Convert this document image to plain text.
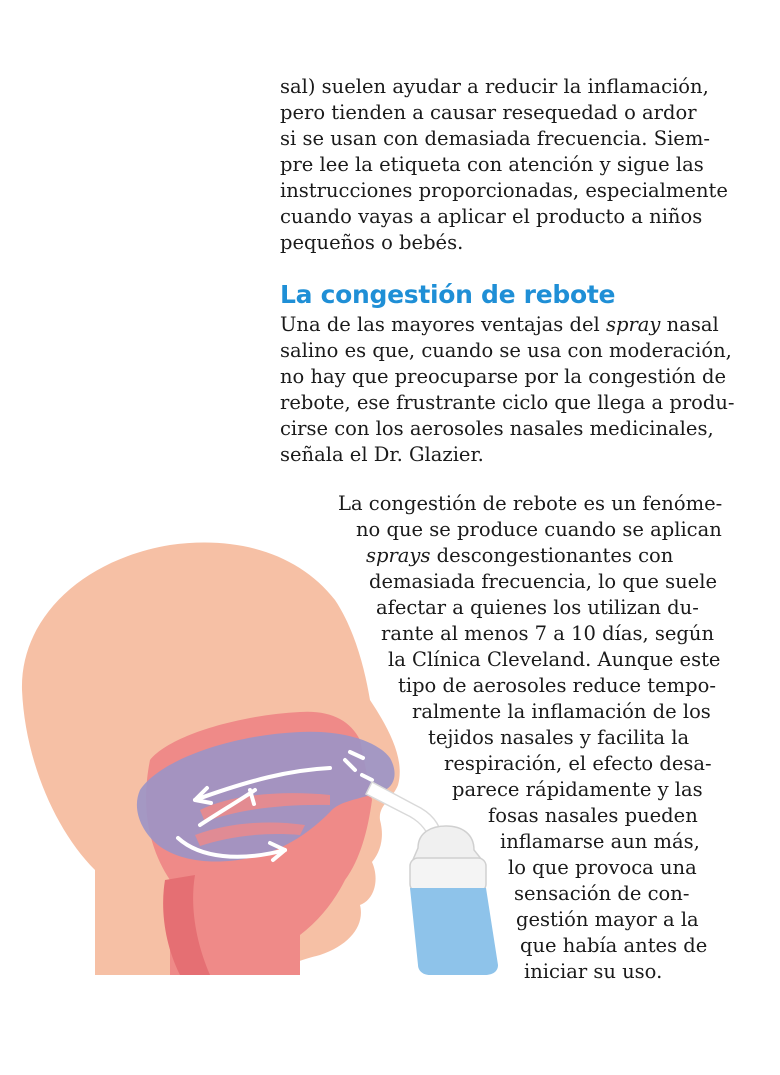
sal) suelen ayudar a reducir la inflamación,
pero tienden a causar resequedad o ardor
si se usan con demasiada frecuencia. Siem-
pre lee la etiqueta con atención y sigue las
instrucciones proporcionadas, especialmente
cuando vayas a aplicar el producto a niños
pequeños o bebés.
La congestión de rebote
Una de las mayores ventajas del spray nasal
salino es que, cuando se usa con moderación,
no hay que preocuparse por la congestión de
rebote, ese frustrante ciclo que llega a produ-
cirse con los aerosoles nasales medicinales,
señala el Dr. Glazier.
La congestión de rebote es un fenóme-
no que se produce cuando se aplican
sprays descongestionantes con
demasiada frecuencia, lo que suele
afectar a quienes los utilizan du-
rante al menos 7 a 10 días, según
la Clínica Cleveland. Aunque este
tipo de aerosoles reduce tempo-
ralmente la inflamación de los
tejidos nasales y facilita la
respiración, el efecto desa-
parece rápidamente y las
fosas nasales pueden
inflamarse aun más,
lo que provoca una
sensación de con-
gestión mayor a la
que había antes de
iniciar su uso.
